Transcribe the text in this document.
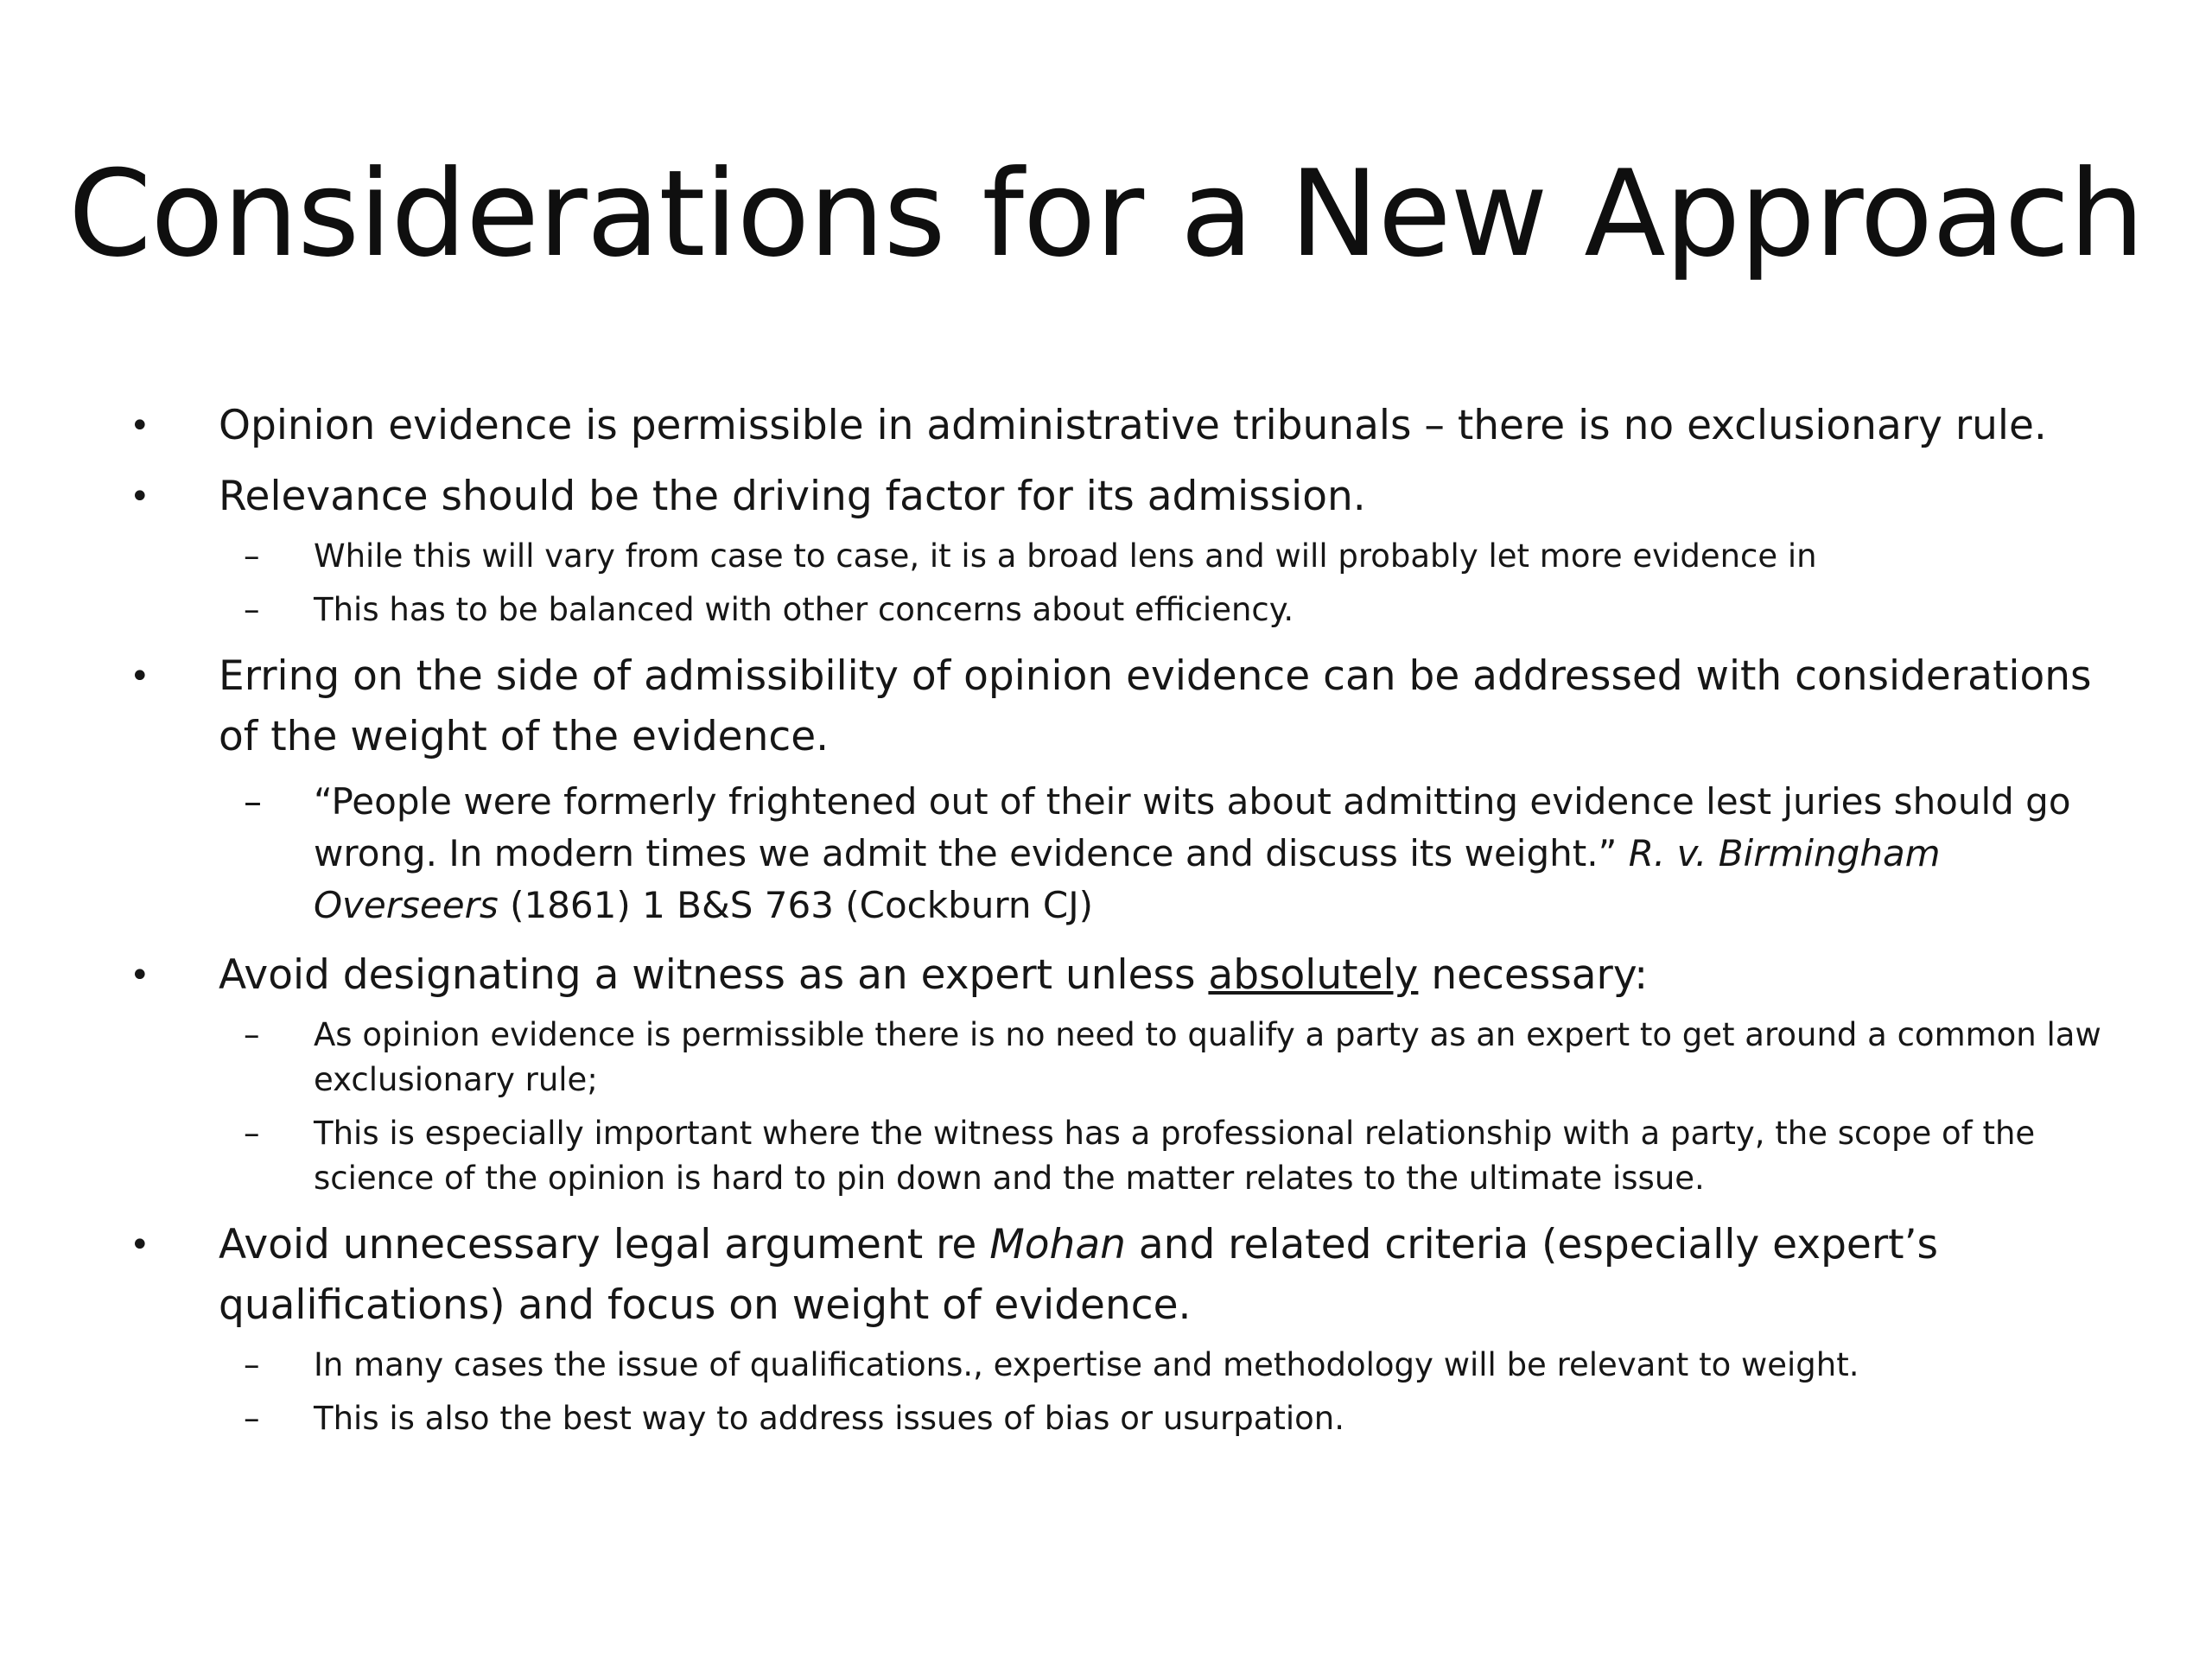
Considerations for a New Approach
• Opinion evidence is permissible in administrative tribunals – there is no exclusionary rule.
• Relevance should be the driving factor for its admission.
– While this will vary from case to case, it is a broad lens and will probably let more evidence in
– This has to be balanced with other concerns about efficiency.
• Erring on the side of admissibility of opinion evidence can be addressed with considerations of the weight of the evidence.
– “People were formerly frightened out of their wits about admitting evidence lest juries should go wrong. In modern times we admit the evidence and discuss its weight.” R. v. Birmingham Overseers (1861) 1 B&S 763 (Cockburn CJ)
• Avoid designating a witness as an expert unless absolutely necessary:
– As opinion evidence is permissible there is no need to qualify a party as an expert to get around a common law exclusionary rule;
– This is especially important where the witness has a professional relationship with a party, the scope of the science of the opinion is hard to pin down and the matter relates to the ultimate issue.
• Avoid unnecessary legal argument re Mohan and related criteria (especially expert’s qualifications) and focus on weight of evidence.
– In many cases the issue of qualifications., expertise and methodology will be relevant to weight.
– This is also the best way to address issues of bias or usurpation.
